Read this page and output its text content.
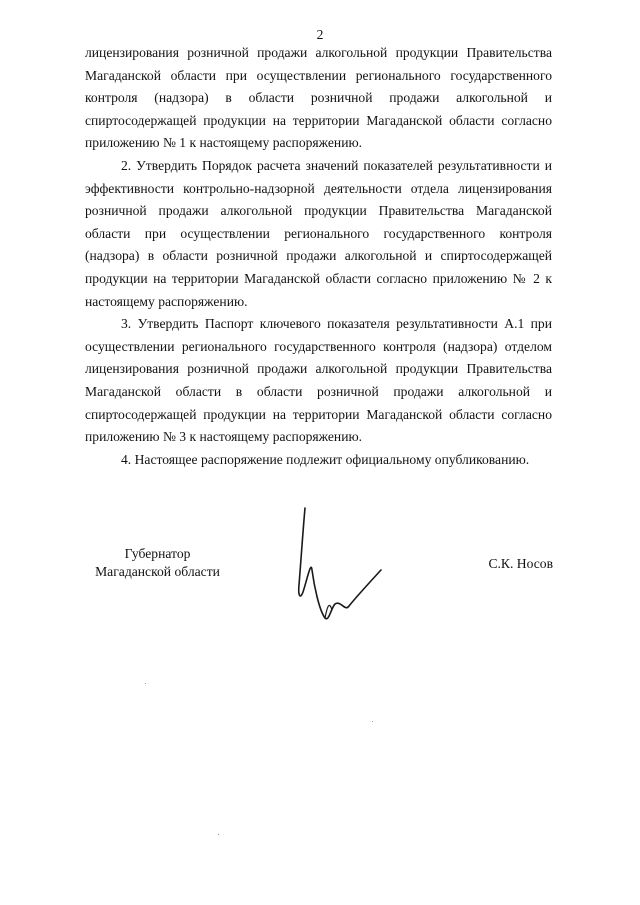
2

лицензирования розничной продажи алкогольной продукции Правительства Магаданской области при осуществлении регионального государственного контроля (надзора) в области розничной продажи алкогольной и спиртосодержащей продукции на территории Магаданской области согласно приложению № 1 к настоящему распоряжению.

2. Утвердить Порядок расчета значений показателей результативности и эффективности контрольно-надзорной деятельности отдела лицензирования розничной продажи алкогольной продукции Правительства Магаданской области при осуществлении регионального государственного контроля (надзора) в области розничной продажи алкогольной и спиртосодержащей продукции на территории Магаданской области согласно приложению № 2 к настоящему распоряжению.

3. Утвердить Паспорт ключевого показателя результативности А.1 при осуществлении регионального государственного контроля (надзора) отделом лицензирования розничной продажи алкогольной продукции Правительства Магаданской области в области розничной продажи алкогольной и спиртосодержащей продукции на территории Магаданской области согласно приложению № 3 к настоящему распоряжению.

4. Настоящее распоряжение подлежит официальному опубликованию.

Губернатор
Магаданской области
С.К. Носов
